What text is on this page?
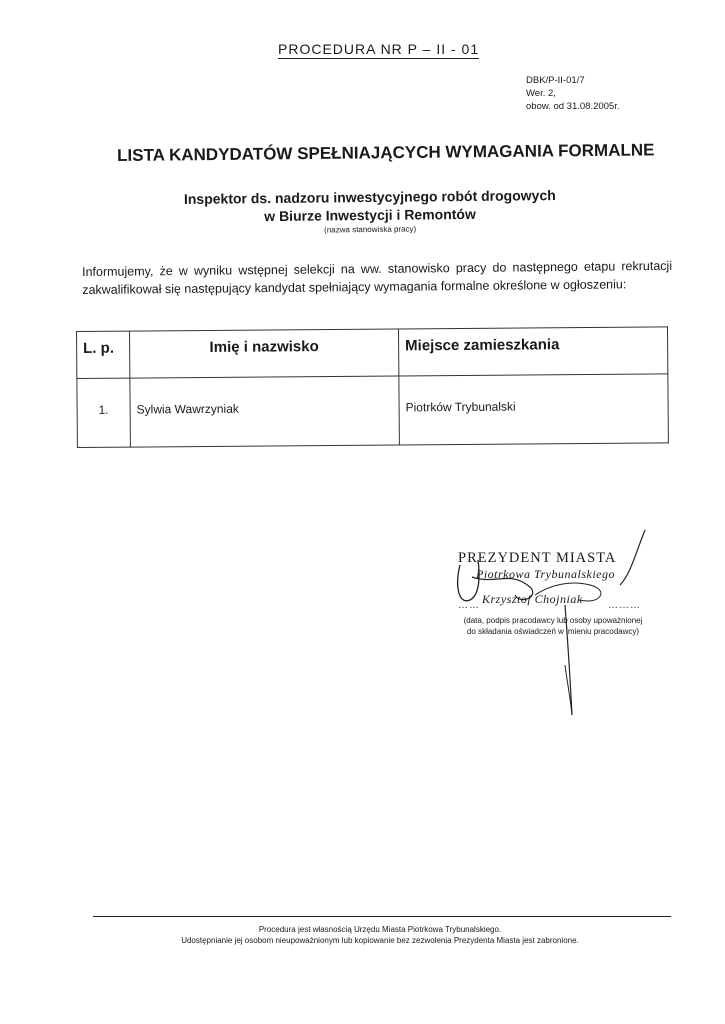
PROCEDURA NR P – II - 01
DBK/P-II-01/7
Wer. 2,
obow. od 31.08.2005r.
LISTA KANDYDATÓW SPEŁNIAJĄCYCH WYMAGANIA FORMALNE
Inspektor ds. nadzoru inwestycyjnego robót drogowych
w Biurze Inwestycji i Remontów
(nazwa stanowiska pracy)
Informujemy, że w wyniku wstępnej selekcji na ww. stanowisko pracy do następnego etapu rekrutacji zakwalifikował się następujący kandydat spełniający wymagania formalne określone w ogłoszeniu:
L. p.	Imię i nazwisko	Miejsce zamieszkania
1.	Sylwia Wawrzyniak	Piotrków Trybunalski
PREZYDENT MIASTA
Piotrkowa Trybunalskiego
Krzysztof Chojniak
……	………
(data, podpis pracodawcy lub osoby upoważnionej
do składania oświadczeń w imieniu pracodawcy)
Procedura jest własnością Urzędu Miasta Piotrkowa Trybunalskiego.
Udostępnianie jej osobom nieupoważnionym lub kopiowanie bez zezwolenia Prezydenta Miasta jest zabronione.
